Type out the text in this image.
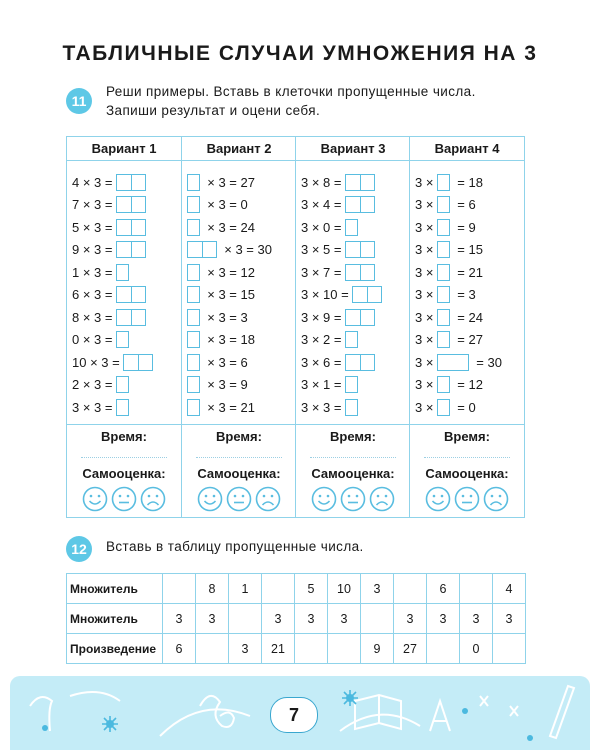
ТАБЛИЧНЫЕ СЛУЧАИ УМНОЖЕНИЯ НА 3
11
Реши примеры. Вставь в клеточки пропущенные числа.
Запиши результат и оцени себя.
Вариант 1
4 × 3 =

7 × 3 =

5 × 3 =

9 × 3 =

1 × 3 =

6 × 3 =

8 × 3 =

0 × 3 =

10 × 3 =

2 × 3 =

3 × 3 =

Время:
Самооценка:
Вариант 2

× 3 = 27

× 3 = 0

× 3 = 24

× 3 = 30

× 3 = 12

× 3 = 15

× 3 = 3

× 3 = 18

× 3 = 6

× 3 = 9

× 3 = 21
Время:
Самооценка:
Вариант 3
3 × 8 =

3 × 4 =

3 × 0 =

3 × 5 =

3 × 7 =

3 × 10 =

3 × 9 =

3 × 2 =

3 × 6 =

3 × 1 =

3 × 3 =

Время:
Самооценка:
Вариант 4
3 ×

= 18
3 ×

= 6
3 ×

= 9
3 ×

= 15
3 ×

= 21
3 ×

= 3
3 ×

= 24
3 ×

= 27
3 ×

	= 30
3 ×

= 12
3 ×

= 0
Время:
Самооценка:
12	Вставь в таблицу пропущенные числа.
Множитель		8	1		5	10	3		6		4
Множитель	3	3		3	3	3		3	3	3	3
Произведение	6		3	21			9	27		0	
7
